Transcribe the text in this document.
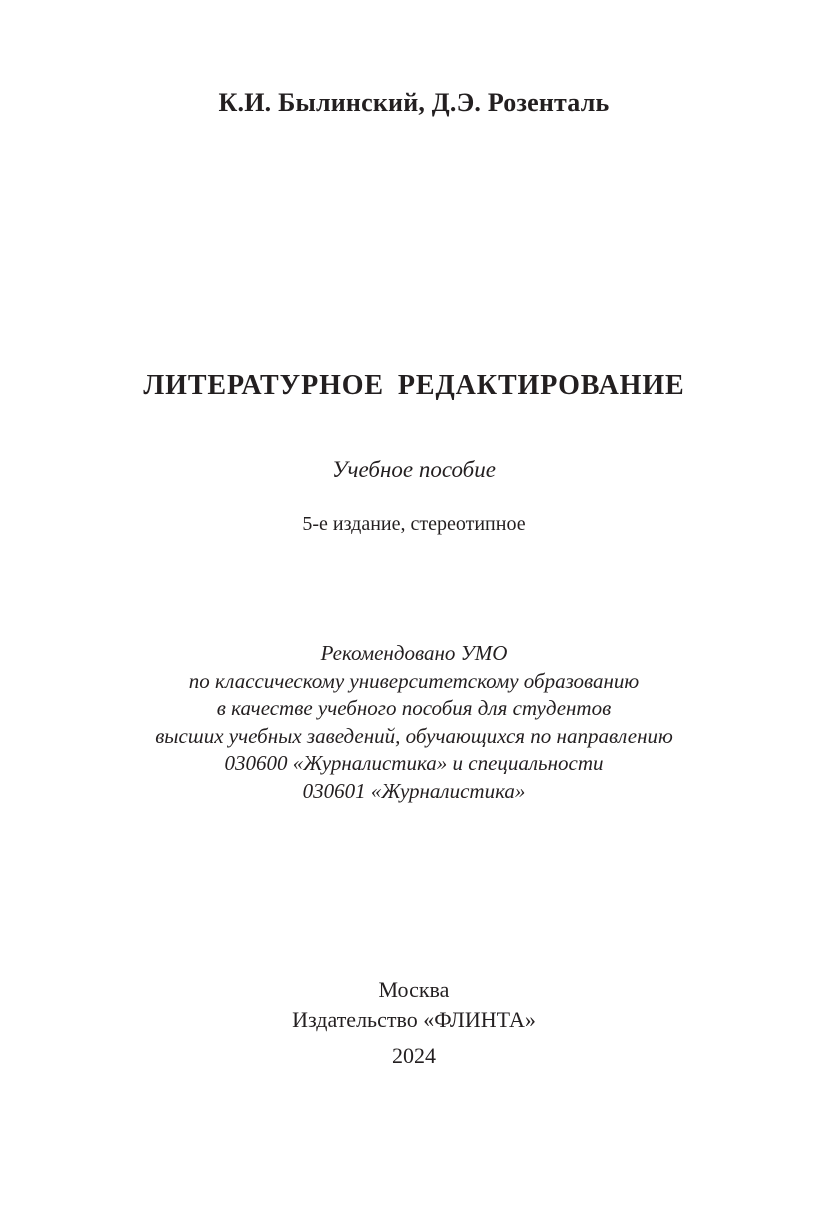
К.И. Былинский, Д.Э. Розенталь
ЛИТЕРАТУРНОЕ РЕДАКТИРОВАНИЕ
Учебное пособие
5-е издание, стереотипное
Рекомендовано УМО
по классическому университетскому образованию
в качестве учебного пособия для студентов
высших учебных заведений, обучающихся по направлению
030600 «Журналистика» и специальности
030601 «Журналистика»
Москва
Издательство «ФЛИНТА»
2024
